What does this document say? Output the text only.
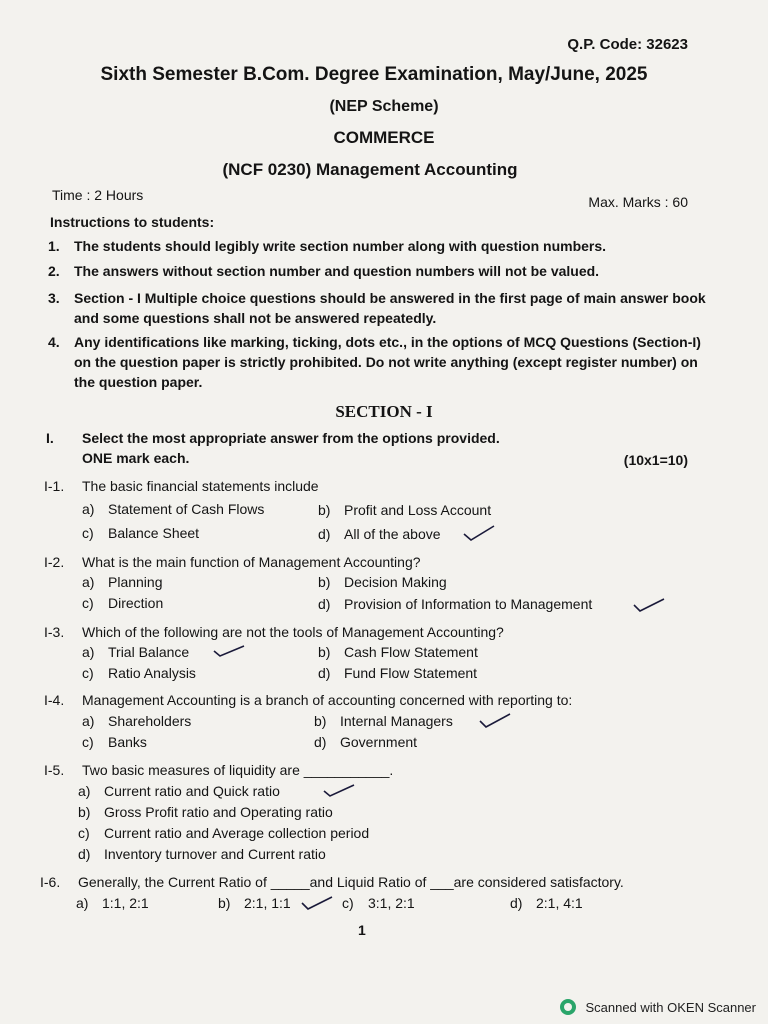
Q.P. Code: 32623
Sixth Semester B.Com. Degree Examination, May/June, 2025
(NEP Scheme)
COMMERCE
(NCF 0230) Management Accounting
Time : 2 Hours	Max. Marks : 60
Instructions to students:
1. The students should legibly write section number along with question numbers.
2. The answers without section number and question numbers will not be valued.
3. Section - I Multiple choice questions should be answered in the first page of main answer book and some questions shall not be answered repeatedly.
4. Any identifications like marking, ticking, dots etc., in the options of MCQ Questions (Section-I) on the question paper is strictly prohibited. Do not write anything (except register number) on the question paper.
SECTION - I
I. Select the most appropriate answer from the options provided.
ONE mark each.	(10x1=10)
I-1. The basic financial statements include
a) Statement of Cash Flows	b) Profit and Loss Account
c) Balance Sheet	d) All of the above
I-2. What is the main function of Management Accounting?
a) Planning	b) Decision Making
c) Direction	d) Provision of Information to Management
I-3. Which of the following are not the tools of Management Accounting?
a) Trial Balance	b) Cash Flow Statement
c) Ratio Analysis	d) Fund Flow Statement
I-4. Management Accounting is a branch of accounting concerned with reporting to:
a) Shareholders	b) Internal Managers
c) Banks	d) Government
I-5. Two basic measures of liquidity are ___________.
a) Current ratio and Quick ratio
b) Gross Profit ratio and Operating ratio
c) Current ratio and Average collection period
d) Inventory turnover and Current ratio
I-6. Generally, the Current Ratio of _____and Liquid Ratio of ___are considered satisfactory.
a) 1:1, 2:1	b) 2:1, 1:1	c) 3:1, 2:1	d) 2:1, 4:1
1
Scanned with OKEN Scanner
